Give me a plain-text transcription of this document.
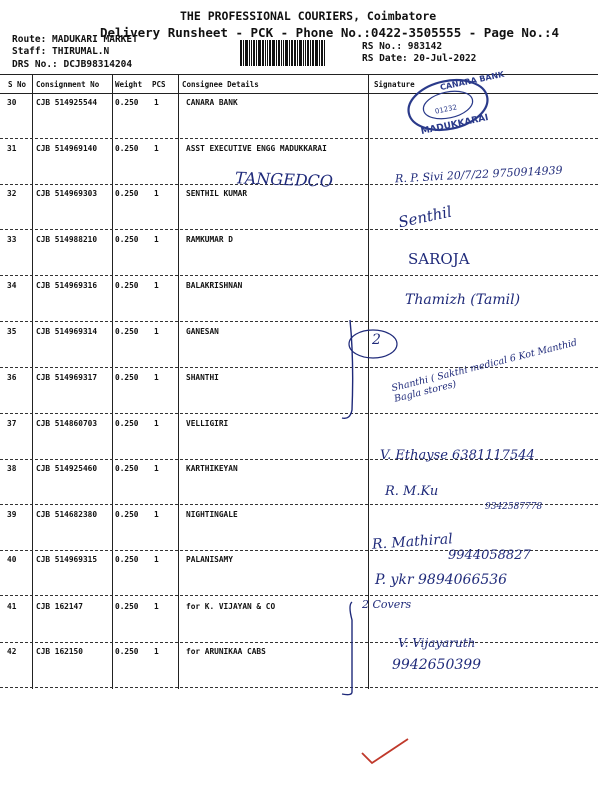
THE PROFESSIONAL COURIERS, Coimbatore
Delivery Runsheet - PCK - Phone No.:0422-3505555 - Page No.:4
Route: MADUKARI MARKET
Staff: THIRUMAL.N
DRS No.: DCJB98314204
RS No.: 983142
RS Date: 20-Jul-2022
S No Consignment No Weight PCS Consignee Details	Signature
30	CJB 514925544 0.250 1	CANARA BANK
31	CJB 514969140 0.250 1	ASST EXECUTIVE ENGG MADUKKARAI
32	CJB 514969303 0.250 1	SENTHIL KUMAR
33	CJB 514988210 0.250 1	RAMKUMAR D
34	CJB 514969316 0.250 1	BALAKRISHNAN
35	CJB 514969314 0.250 1	GANESAN
36	CJB 514969317 0.250 1	SHANTHI
37	CJB 514860703 0.250 1	VELLIGIRI
38	CJB 514925460 0.250 1	KARTHIKEYAN
39	CJB 514682380 0.250 1	NIGHTINGALE
40	CJB 514969315 0.250 1	PALANISAMY
41	CJB 162147	0.250 1	for K. VIJAYAN & CO
42	CJB 162150	0.250 1	for ARUNIKAA CABS
CANARA BANK
MADUKKARAI
01232
TANGEDCO	R. P. Sivi 20/7/22 9750914939
Senthil
SAROJA
Thamizh (Tamil)
2 Shanthi ( Sakthi medical 6 Kot Manthid Bagla stores)
V. Ethayse 6381117544
R. M.Ku
9342587778
R. Mathiral
9944058827
P. ykr 9894066536
2 Covers
V. Vijayaruth
9942650399
